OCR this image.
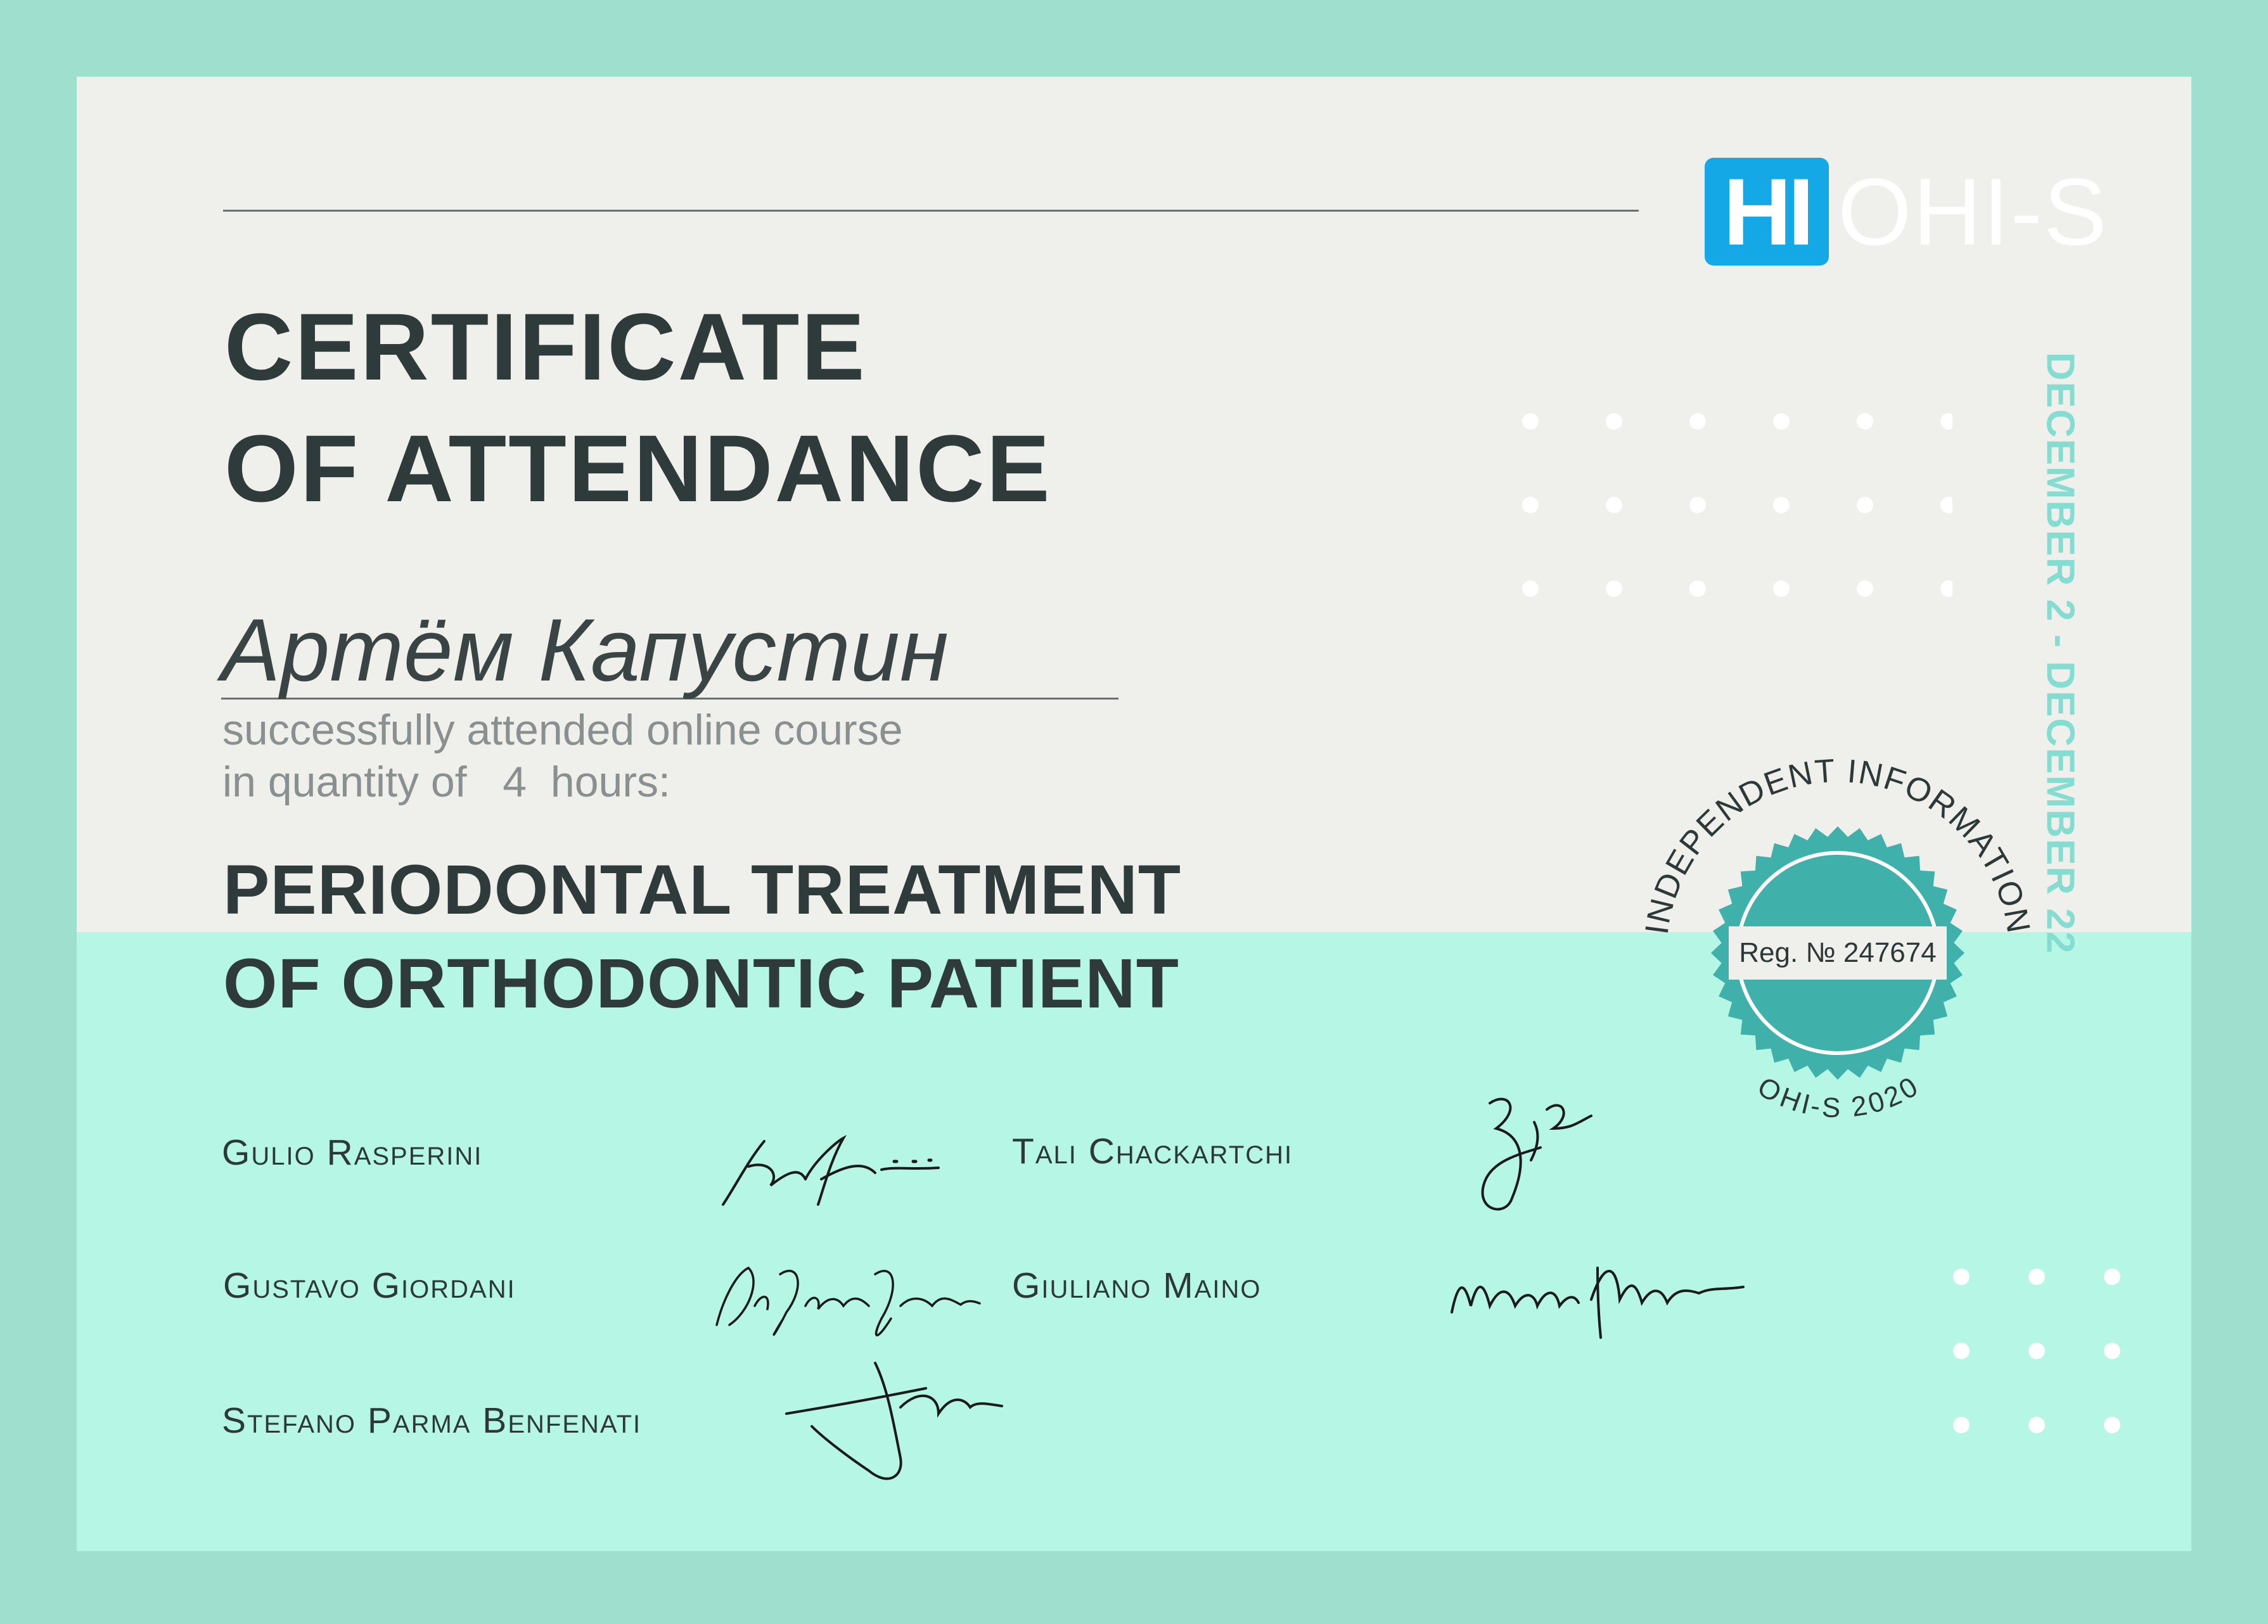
HI OHI-S
CERTIFICATE
OF ATTENDANCE
Артём Капустин
successfully attended online course
in quantity of 4 hours:
PERIODONTAL TREATMENT
OF ORTHODONTIC PATIENT
Gulio Rasperini	Tali Chackartchi
Gustavo Giordani	Giuliano Maino
Stefano Parma Benfenati
DECEMBER 2 - DECEMBER 22
Reg. № 247674
INDEPENDENT INFORMATION
OHI-S 2020
